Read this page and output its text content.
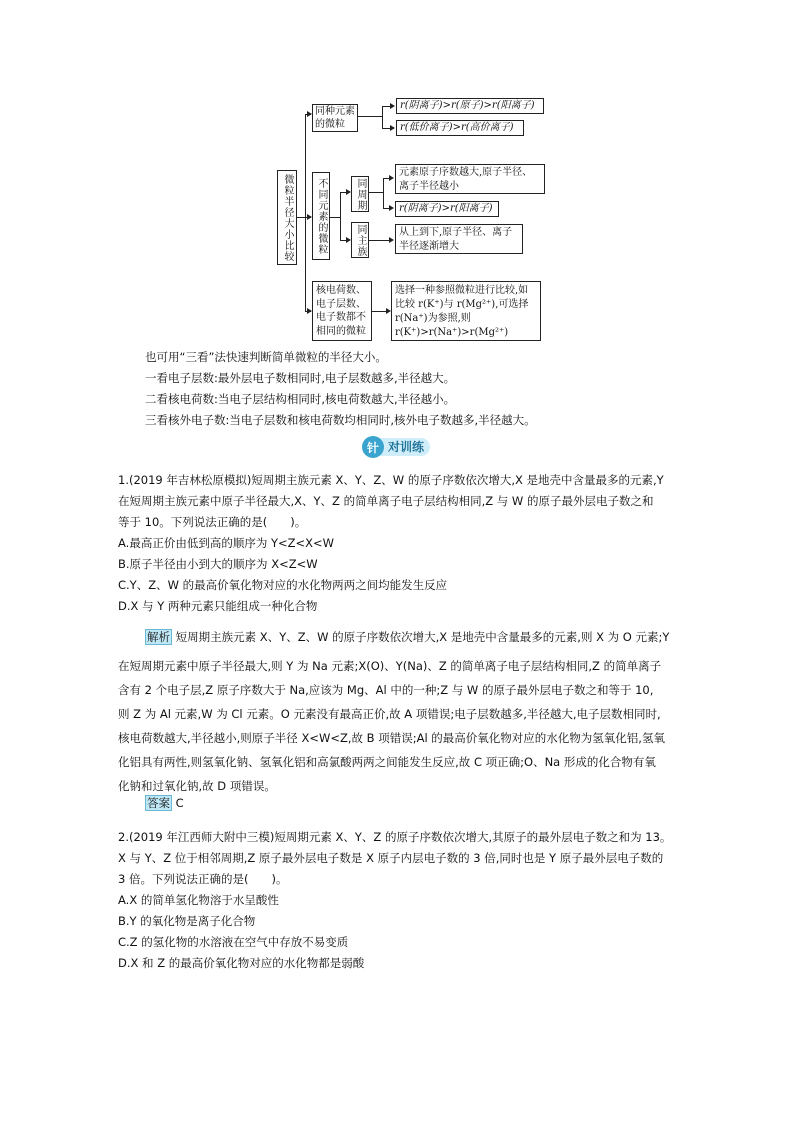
微粒半径大小比较
同种元素的微粒
r(阴离子)>r(原子)>r(阳离子)
r(低价离子)>r(高价离子)
不同元素的微粒	同周期
元素原子序数越大,原子半径、离子半径越小
r(阴离子)>r(阳离子)
同主族	从上到下,原子半径、离子半径逐渐增大
核电荷数、电子层数、电子数都不相同的微粒
选择一种参照微粒进行比较,如比较 r(K⁺)与 r(Mg²⁺),可选择 r(Na⁺)为参照,则 r(K⁺)>r(Na⁺)>r(Mg²⁺)
也可用“三看”法快速判断简单微粒的半径大小。
一看电子层数:最外层电子数相同时,电子层数越多,半径越大。
二看核电荷数:当电子层结构相同时,核电荷数越大,半径越小。
三看核外电子数:当电子层数和核电荷数均相同时,核外电子数越多,半径越大。
对训练
针
1.(2019 年吉林松原模拟)短周期主族元素 X、Y、Z、W 的原子序数依次增大,X 是地壳中含量最多的元素,Y
在短周期主族元素中原子半径最大,X、Y、Z 的简单离子电子层结构相同,Z 与 W 的原子最外层电子数之和
等于 10。下列说法正确的是(　　)。
A.最高正价由低到高的顺序为 Y<Z<X<W
B.原子半径由小到大的顺序为 X<Z<W
C.Y、Z、W 的最高价氧化物对应的水化物两两之间均能发生反应
D.X 与 Y 两种元素只能组成一种化合物
解析 短周期主族元素 X、Y、Z、W 的原子序数依次增大,X 是地壳中含量最多的元素,则 X 为 O 元素;Y
在短周期元素中原子半径最大,则 Y 为 Na 元素;X(O)、Y(Na)、Z 的简单离子电子层结构相同,Z 的简单离子
含有 2 个电子层,Z 原子序数大于 Na,应该为 Mg、Al 中的一种;Z 与 W 的原子最外层电子数之和等于 10,
则 Z 为 Al 元素,W 为 Cl 元素。O 元素没有最高正价,故 A 项错误;电子层数越多,半径越大,电子层数相同时,
核电荷数越大,半径越小,则原子半径 X<W<Z,故 B 项错误;Al 的最高价氧化物对应的水化物为氢氧化铝,氢氧
化铝具有两性,则氢氧化钠、氢氧化铝和高氯酸两两之间能发生反应,故 C 项正确;O、Na 形成的化合物有氧
化钠和过氧化钠,故 D 项错误。
答案 C
2.(2019 年江西师大附中三模)短周期元素 X、Y、Z 的原子序数依次增大,其原子的最外层电子数之和为 13。
X 与 Y、Z 位于相邻周期,Z 原子最外层电子数是 X 原子内层电子数的 3 倍,同时也是 Y 原子最外层电子数的
3 倍。下列说法正确的是(　　)。
A.X 的简单氢化物溶于水呈酸性
B.Y 的氧化物是离子化合物
C.Z 的氢化物的水溶液在空气中存放不易变质
D.X 和 Z 的最高价氧化物对应的水化物都是弱酸
